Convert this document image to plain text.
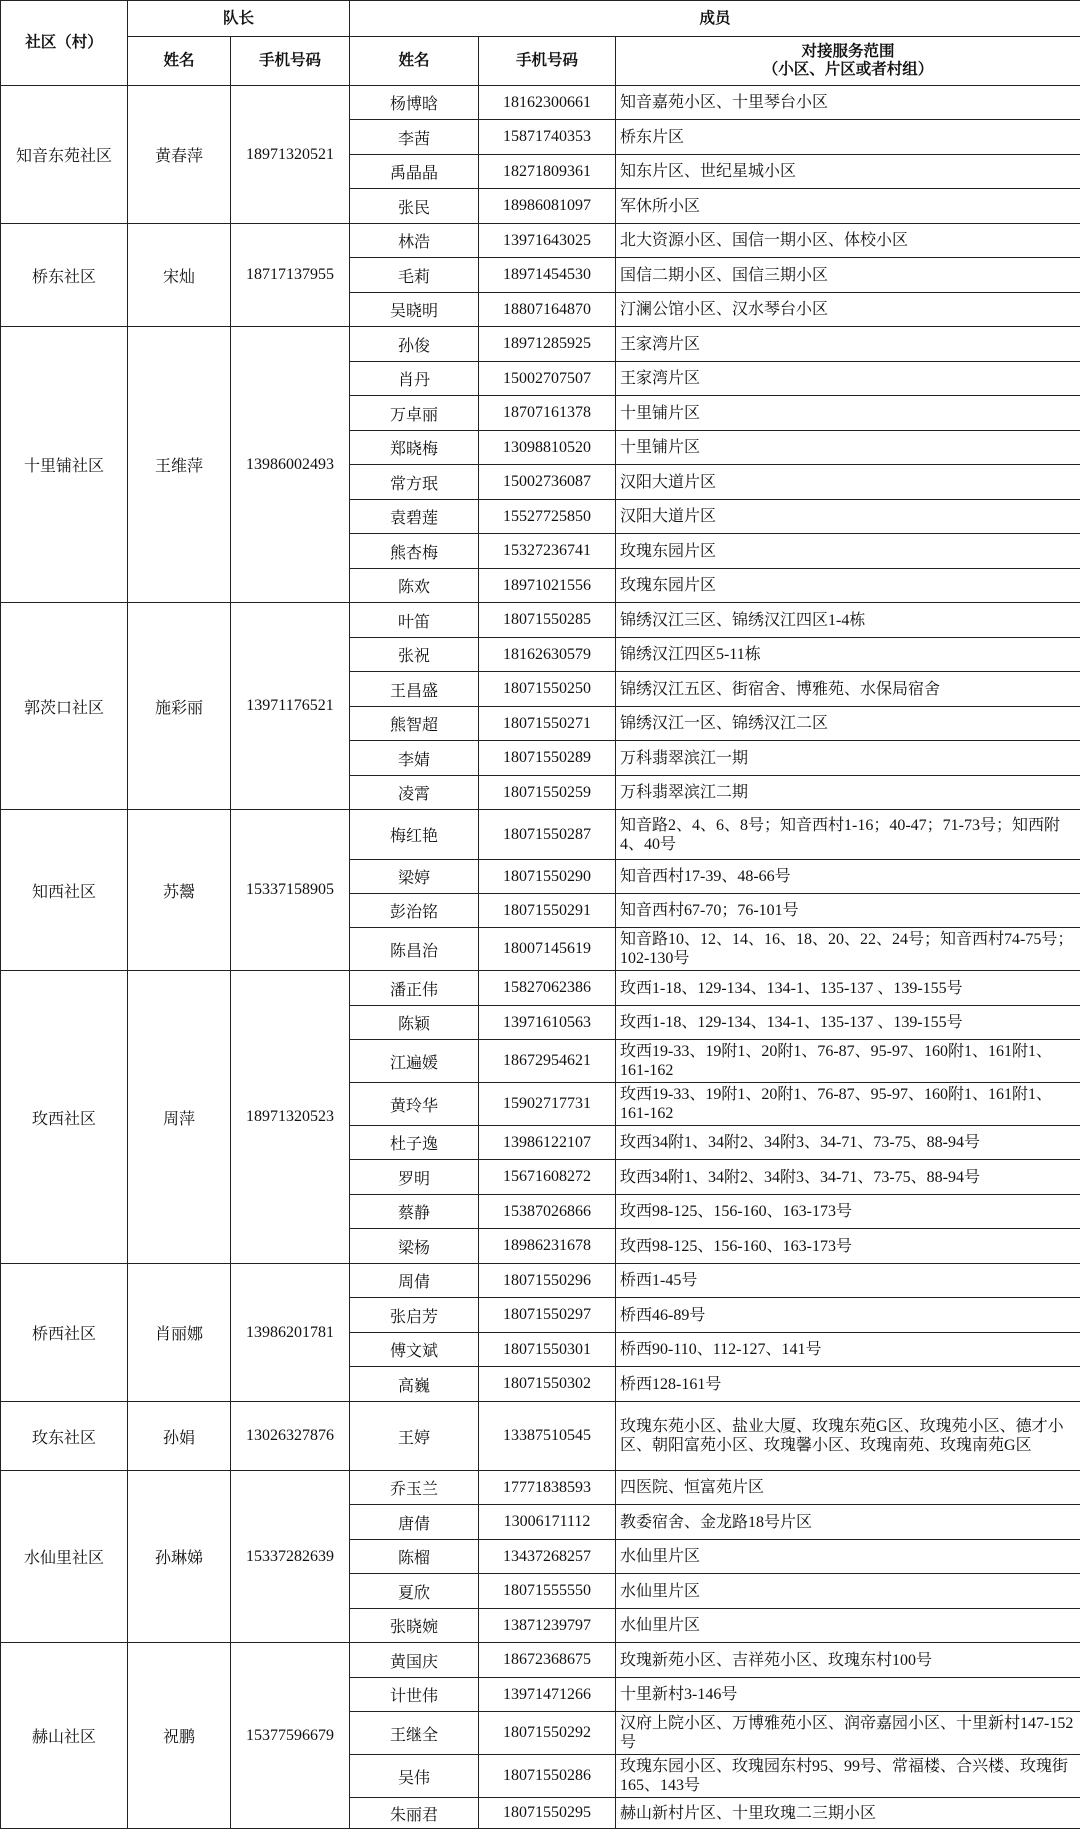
社区（村）	队长		成员		
	姓名	手机号码	姓名	手机号码	对接服务范围
（小区、片区或者村组）

知音东苑社区	黄春萍	18971320521	杨博晗	18162300661	知音嘉苑小区、十里琴台小区
			李茜	15871740353	桥东片区
			禹晶晶	18271809361	知东片区、世纪星城小区
			张民	18986081097	军休所小区
桥东社区	宋灿	18717137955	林浩	13971643025	北大资源小区、国信一期小区、体校小区
			毛莉	18971454530	国信二期小区、国信三期小区
			吴晓明	18807164870	汀澜公馆小区、汉水琴台小区
十里铺社区	王维萍	13986002493	孙俊	18971285925	王家湾片区
			肖丹	15002707507	王家湾片区
			万卓丽	18707161378	十里铺片区
			郑晓梅	13098810520	十里铺片区
			常方珉	15002736087	汉阳大道片区
			袁碧莲	15527725850	汉阳大道片区
			熊杏梅	15327236741	玫瑰东园片区
			陈欢	18971021556	玫瑰东园片区
郭茨口社区	施彩丽	13971176521	叶笛	18071550285	锦绣汉江三区、锦绣汉江四区1-4栋
			张祝	18162630579	锦绣汉江四区5-11栋
			王昌盛	18071550250	锦绣汉江五区、街宿舍、博雅苑、水保局宿舍
			熊智超	18071550271	锦绣汉江一区、锦绣汉江二区
			李婧	18071550289	万科翡翠滨江一期
			凌霄	18071550259	万科翡翠滨江二期
知西社区	苏鬶	15337158905	梅红艳	18071550287	知音路2、4、6、8号；知音西村1-16；40-47；71-73号；知西附4、40号
			梁婷	18071550290	知音西村17-39、48-66号
			彭治铭	18071550291	知音西村67-70；76-101号
			陈昌治	18007145619	知音路10、12、14、16、18、20、22、24号；知音西村74-75号；102-130号
玫西社区	周萍	18971320523	潘正伟	15827062386	玫西1-18、129-134、134-1、135-137 、139-155号
			陈颖	13971610563	玫西1-18、129-134、134-1、135-137 、139-155号
			江遍媛	18672954621	玫西19-33、19附1、20附1、76-87、95-97、160附1、161附1、161-162
			黄玲华	15902717731	玫西19-33、19附1、20附1、76-87、95-97、160附1、161附1、161-162
			杜子逸	13986122107	玫西34附1、34附2、34附3、34-71、73-75、88-94号
			罗明	15671608272	玫西34附1、34附2、34附3、34-71、73-75、88-94号
			蔡静	15387026866	玫西98-125、156-160、163-173号
			梁杨	18986231678	玫西98-125、156-160、163-173号
桥西社区	肖丽娜	13986201781	周倩	18071550296	桥西1-45号
			张启芳	18071550297	桥西46-89号
			傅文斌	18071550301	桥西90-110、112-127、141号
			高巍	18071550302	桥西128-161号
玫东社区	孙娟	13026327876	王婷	13387510545	玫瑰东苑小区、盐业大厦、玫瑰东苑G区、玫瑰苑小区、德才小区、朝阳富苑小区、玫瑰馨小区、玫瑰南苑、玫瑰南苑G区
水仙里社区	孙琳娣	15337282639	乔玉兰	17771838593	四医院、恒富苑片区
			唐倩	13006171112	教委宿舍、金龙路18号片区
			陈榴	13437268257	水仙里片区
			夏欣	18071555550	水仙里片区
			张晓婉	13871239797	水仙里片区
赫山社区	祝鹏	15377596679	黄国庆	18672368675	玫瑰新苑小区、吉祥苑小区、玫瑰东村100号
			计世伟	13971471266	十里新村3-146号
			王继全	18071550292	汉府上院小区、万博雅苑小区、润帝嘉园小区、十里新村147-152号
			吴伟	18071550286	玫瑰东园小区、玫瑰园东村95、99号、常福楼、合兴楼、玫瑰街165、143号
			朱丽君	18071550295	赫山新村片区、十里玫瑰二三期小区
